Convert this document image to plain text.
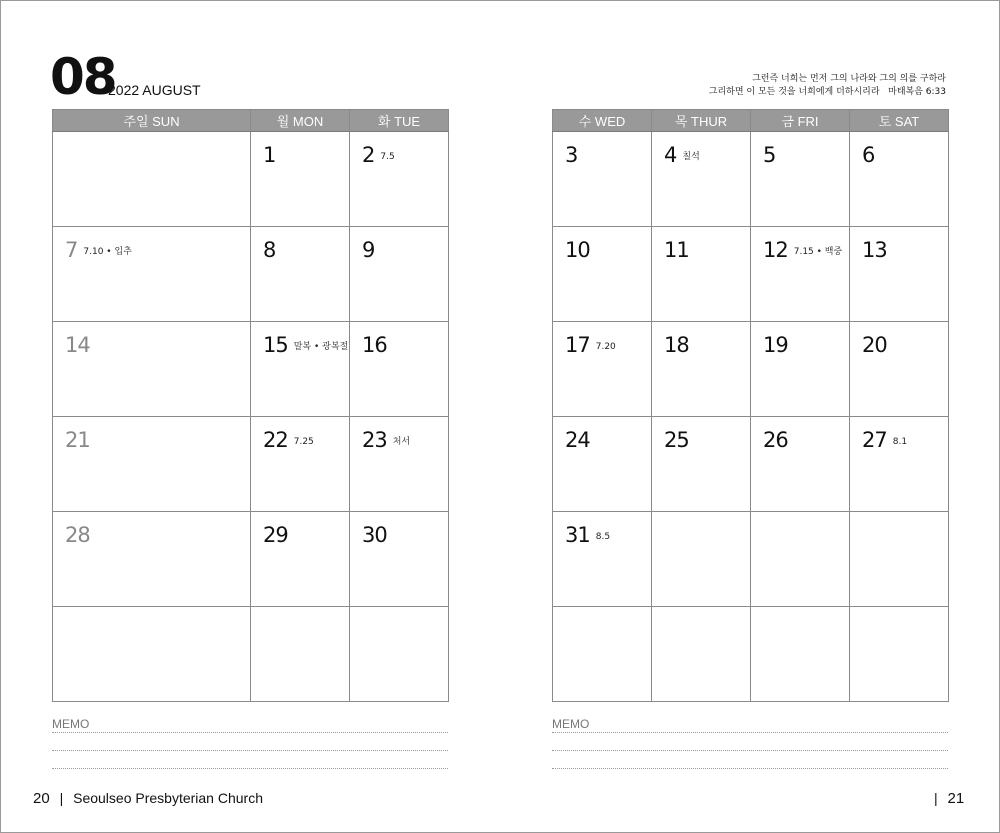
08
2022 AUGUST
그런즉 너희는 먼저 그의 나라와 그의 의를 구하라
그리하면 이 모든 것을 너희에게 더하시리라   마태복음 6:33
주일 SUN	월 MON	화 TUE

	1	2 7.5

7 7.10 • 입추	8	9

14	15 말복 • 광복절	16

21	22 7.25	23 처서

28	29	30

수 WED	목 THUR	금 FRI	토 SAT

3	4 칠석	5	6

10	11	12 7.15 • 백중	13

17 7.20	18	19	20

24	25	26	27 8.1

31 8.5			

MEMO	MEMO
20 | Seoulseo Presbyterian Church	| 21
